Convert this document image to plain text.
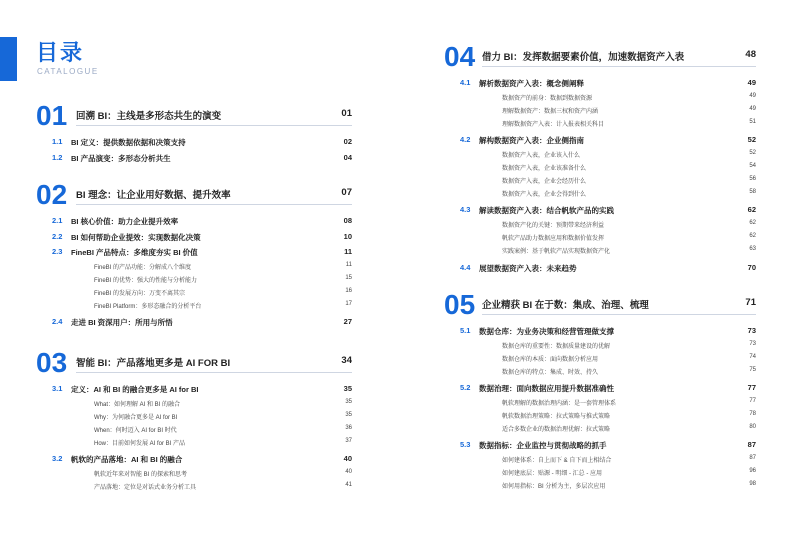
目录
CATALOGUE
01 回溯 BI：主线是多形态共生的演变	01
1.1 BI 定义：提供数据依据和决策支持	02
1.2 BI 产品演变：多形态分析共生	04
02 BI 理念：让企业用好数据、提升效率	07
2.1 BI 核心价值：助力企业提升效率	08
2.2 BI 如何帮助企业提效：实现数据化决策	10
2.3 FineBI 产品特点：多维度夯实 BI 价值	11
FineBI 的产品功能：分解成八个维度	11
FineBI 的优势：强大的性能与分析能力	15
FineBI 的发展方向：万变不离其宗	16
FineBI Platform：多形态融合的分析平台	17
2.4 走进 BI 资深用户：所用与所悟	27
03 智能 BI：产品落地更多是 AI FOR BI	34
3.1 定义：AI 和 BI 的融合更多是 AI for BI	35
What：如何理解 AI 和 BI 的融合	35
Why：为何融合更多是 AI for BI	35
When：何时迈入 AI for BI 时代	36
How：目前如何发展 AI for BI 产品	37
3.2 帆软的产品落地：AI 和 BI 的融合	40
帆软近年来对智能 BI 的探索和思考	40
产品落地：定位是对话式业务分析工具	41
04 借力 BI：发挥数据要素价值，加速数据资产入表	48
4.1 解析数据资产入表：概念侧阐释	49
数据资产的前身：数据到数据资源	49
理解数据资产：数据三权和资产内涵	49
理解数据资产入表：计入报表相关科目	51
4.2 解构数据资产入表：企业侧指南	52
数据资产入表，企业该入什么	52
数据资产入表，企业该准备什么	54
数据资产入表，企业会经历什么	56
数据资产入表，企业会得到什么	58
4.3 解读数据资产入表：结合帆软产品的实践	62
数据资产化的关键：预期带来经济利益	62
帆软产品助力数据应用和数据价值发挥	62
实践案例：基于帆软产品实现数据资产化	63
4.4 展望数据资产入表：未来趋势	70
05 企业精获 BI 在于数：集成、治理、梳理	71
5.1 数据仓库：为业务决策和经营管理做支撑	73
数据仓库的重要性：数据质量建设的优解	73
数据仓库的本质：面向数据分析应用	74
数据仓库的特点：集成、时效、持久	75
5.2 数据治理：面向数据应用提升数据准确性	77
帆软理解的数据治理内涵：是一套管理体系	77
帆软数据治理策略：拉式策略与推式策略	78
适合多数企业的数据治理优解：拉式策略	80
5.3 数据指标：企业监控与贯彻战略的抓手	87
如何建体系：自上而下 & 自下而上相结合	87
如何建底层：贴源 - 明细 - 汇总 - 应用	96
如何用指标：BI 分析为主，多层次应用	98
